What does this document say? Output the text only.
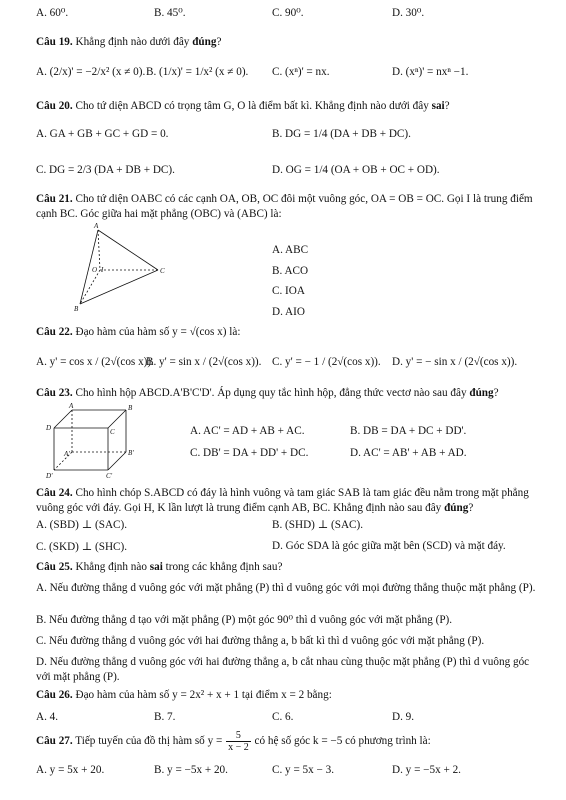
A. 60⁰.	B. 45⁰.	C. 90⁰.	D. 30⁰.
Câu 19. Khẳng định nào dưới đây đúng?
A. (2/x)' = −2/x² (x ≠ 0). B. (1/x)' = 1/x² (x ≠ 0). C. (xⁿ)' = nx.	D. (xⁿ)' = nxⁿ −1.
Câu 20. Cho tứ diện ABCD có trọng tâm G, O là điểm bất kì. Khẳng định nào dưới đây sai?
A. GA + GB + GC + GD = 0.	B. DG = 1/4 (DA + DB + DC).
C. DG = 2/3 (DA + DB + DC).	D. OG = 1/4 (OA + OB + OC + OD).
Câu 21. Cho tứ diện OABC có các cạnh OA, OB, OC đôi một vuông góc, OA = OB = OC. Gọi I là trung điểm cạnh BC. Góc giữa hai mặt phẳng (OBC) và (ABC) là:
A
O I	C
B
A. ABC
B. ACO
C. IOA
D. AIO
Câu 22. Đạo hàm của hàm số y = √(cos x) là:
A. y' = cos x / (2√(cos x)).
B. y' = sin x / (2√(cos x)). C. y' = − 1 / (2√(cos x)). D. y' = − sin x / (2√(cos x)).
Câu 23. Cho hình hộp ABCD.A'B'C'D'. Áp dụng quy tắc hình hộp, đẳng thức vectơ nào sau đây đúng?
A	B
D	C
A'	B'
D'	C'
A. AC' = AD + AB + AC.	B. DB = DA + DC + DD'.
C. DB' = DA + DD' + DC.	D. AC' = AB' + AB + AD.
Câu 24. Cho hình chóp S.ABCD có đáy là hình vuông và tam giác SAB là tam giác đều nằm trong mặt phẳng vuông góc với đáy. Gọi H, K lần lượt là trung điểm cạnh AB, BC. Khẳng định nào sau đây đúng?
A. (SBD) ⊥ (SAC).	B. (SHD) ⊥ (SAC).
C. (SKD) ⊥ (SHC).	D. Góc SDA là góc giữa mặt bên (SCD) và mặt đáy.
Câu 25. Khẳng định nào sai trong các khẳng định sau?
A. Nếu đường thẳng d vuông góc với mặt phẳng (P) thì d vuông góc với mọi đường thẳng thuộc mặt phẳng (P).
B. Nếu đường thẳng d tạo với mặt phẳng (P) một góc 90⁰ thì d vuông góc với mặt phẳng (P).
C. Nếu đường thẳng d vuông góc với hai đường thẳng a, b bất kì thì d vuông góc với mặt phẳng (P).
D. Nếu đường thẳng d vuông góc với hai đường thẳng a, b cắt nhau cùng thuộc mặt phẳng (P) thì d vuông góc với mặt phẳng (P).
Câu 26. Đạo hàm của hàm số y = 2x² + x + 1 tại điểm x = 2 bằng:
A. 4.	B. 7.	C. 6.	D. 9.
Câu 27. Tiếp tuyến của đồ thị hàm số $y = \frac{5}{x - 2}$ có hệ số góc k = −5 có phương trình là:
A. y = 5x + 20.	B. y = −5x + 20.	C. y = 5x − 3.	D. y = −5x + 2.
